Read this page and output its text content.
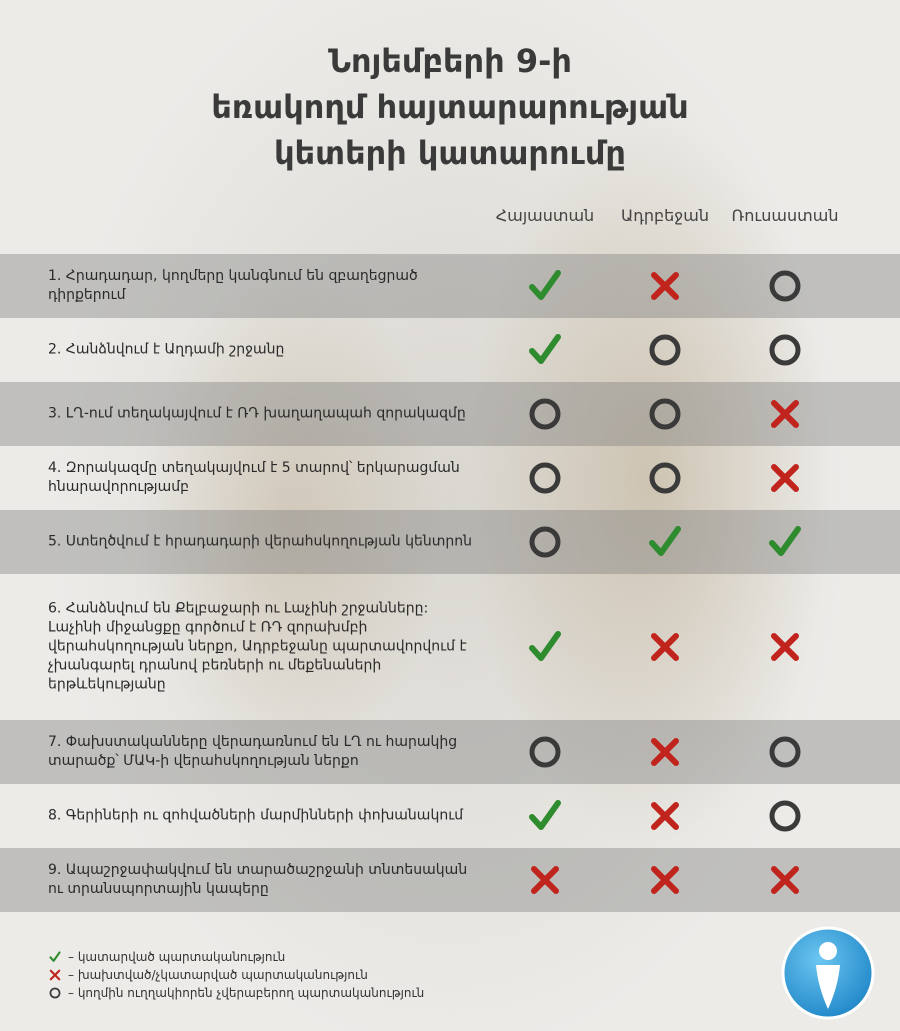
Նոյեմբերի 9-ի
եռակողմ հայտարարության
կետերի կատարումը
Հայաստան	Ադրբեջան	Ռուսաստան
1. Հրադադար, կողմերը կանգնում են զբաղեցրած դիրքերում
2. Հանձնվում է Աղդամի շրջանը
3. ԼՂ-ում տեղակայվում է ՌԴ խաղաղապահ զորակազմը
4. Զորակազմը տեղակայվում է 5 տարով՝ երկարացման հնարավորությամբ
5. Ստեղծվում է հրադադարի վերահսկողության կենտրոն
6. Հանձնվում են Քելբաջարի ու Լաչինի շրջանները: Լաչինի միջանցքը գործում է ՌԴ զորախմբի վերահսկողության ներքո, Ադրբեջանը պարտավորվում է չխանգարել դրանով բեռների ու մեքենաների երթևեկությանը
7. Փախստականները վերադառնում են ԼՂ ու հարակից տարածք՝ ՄԱԿ-ի վերահսկողության ներքո
8. Գերիների ու զոհվածների մարմինների փոխանակում
9. Ապաշրջափակվում են տարածաշրջանի տնտեսական ու տրանսպորտային կապերը
– կատարված պարտականություն
– խախտված/չկատարված պարտականություն
– կողմին ուղղակիորեն չվերաբերող պարտականություն
